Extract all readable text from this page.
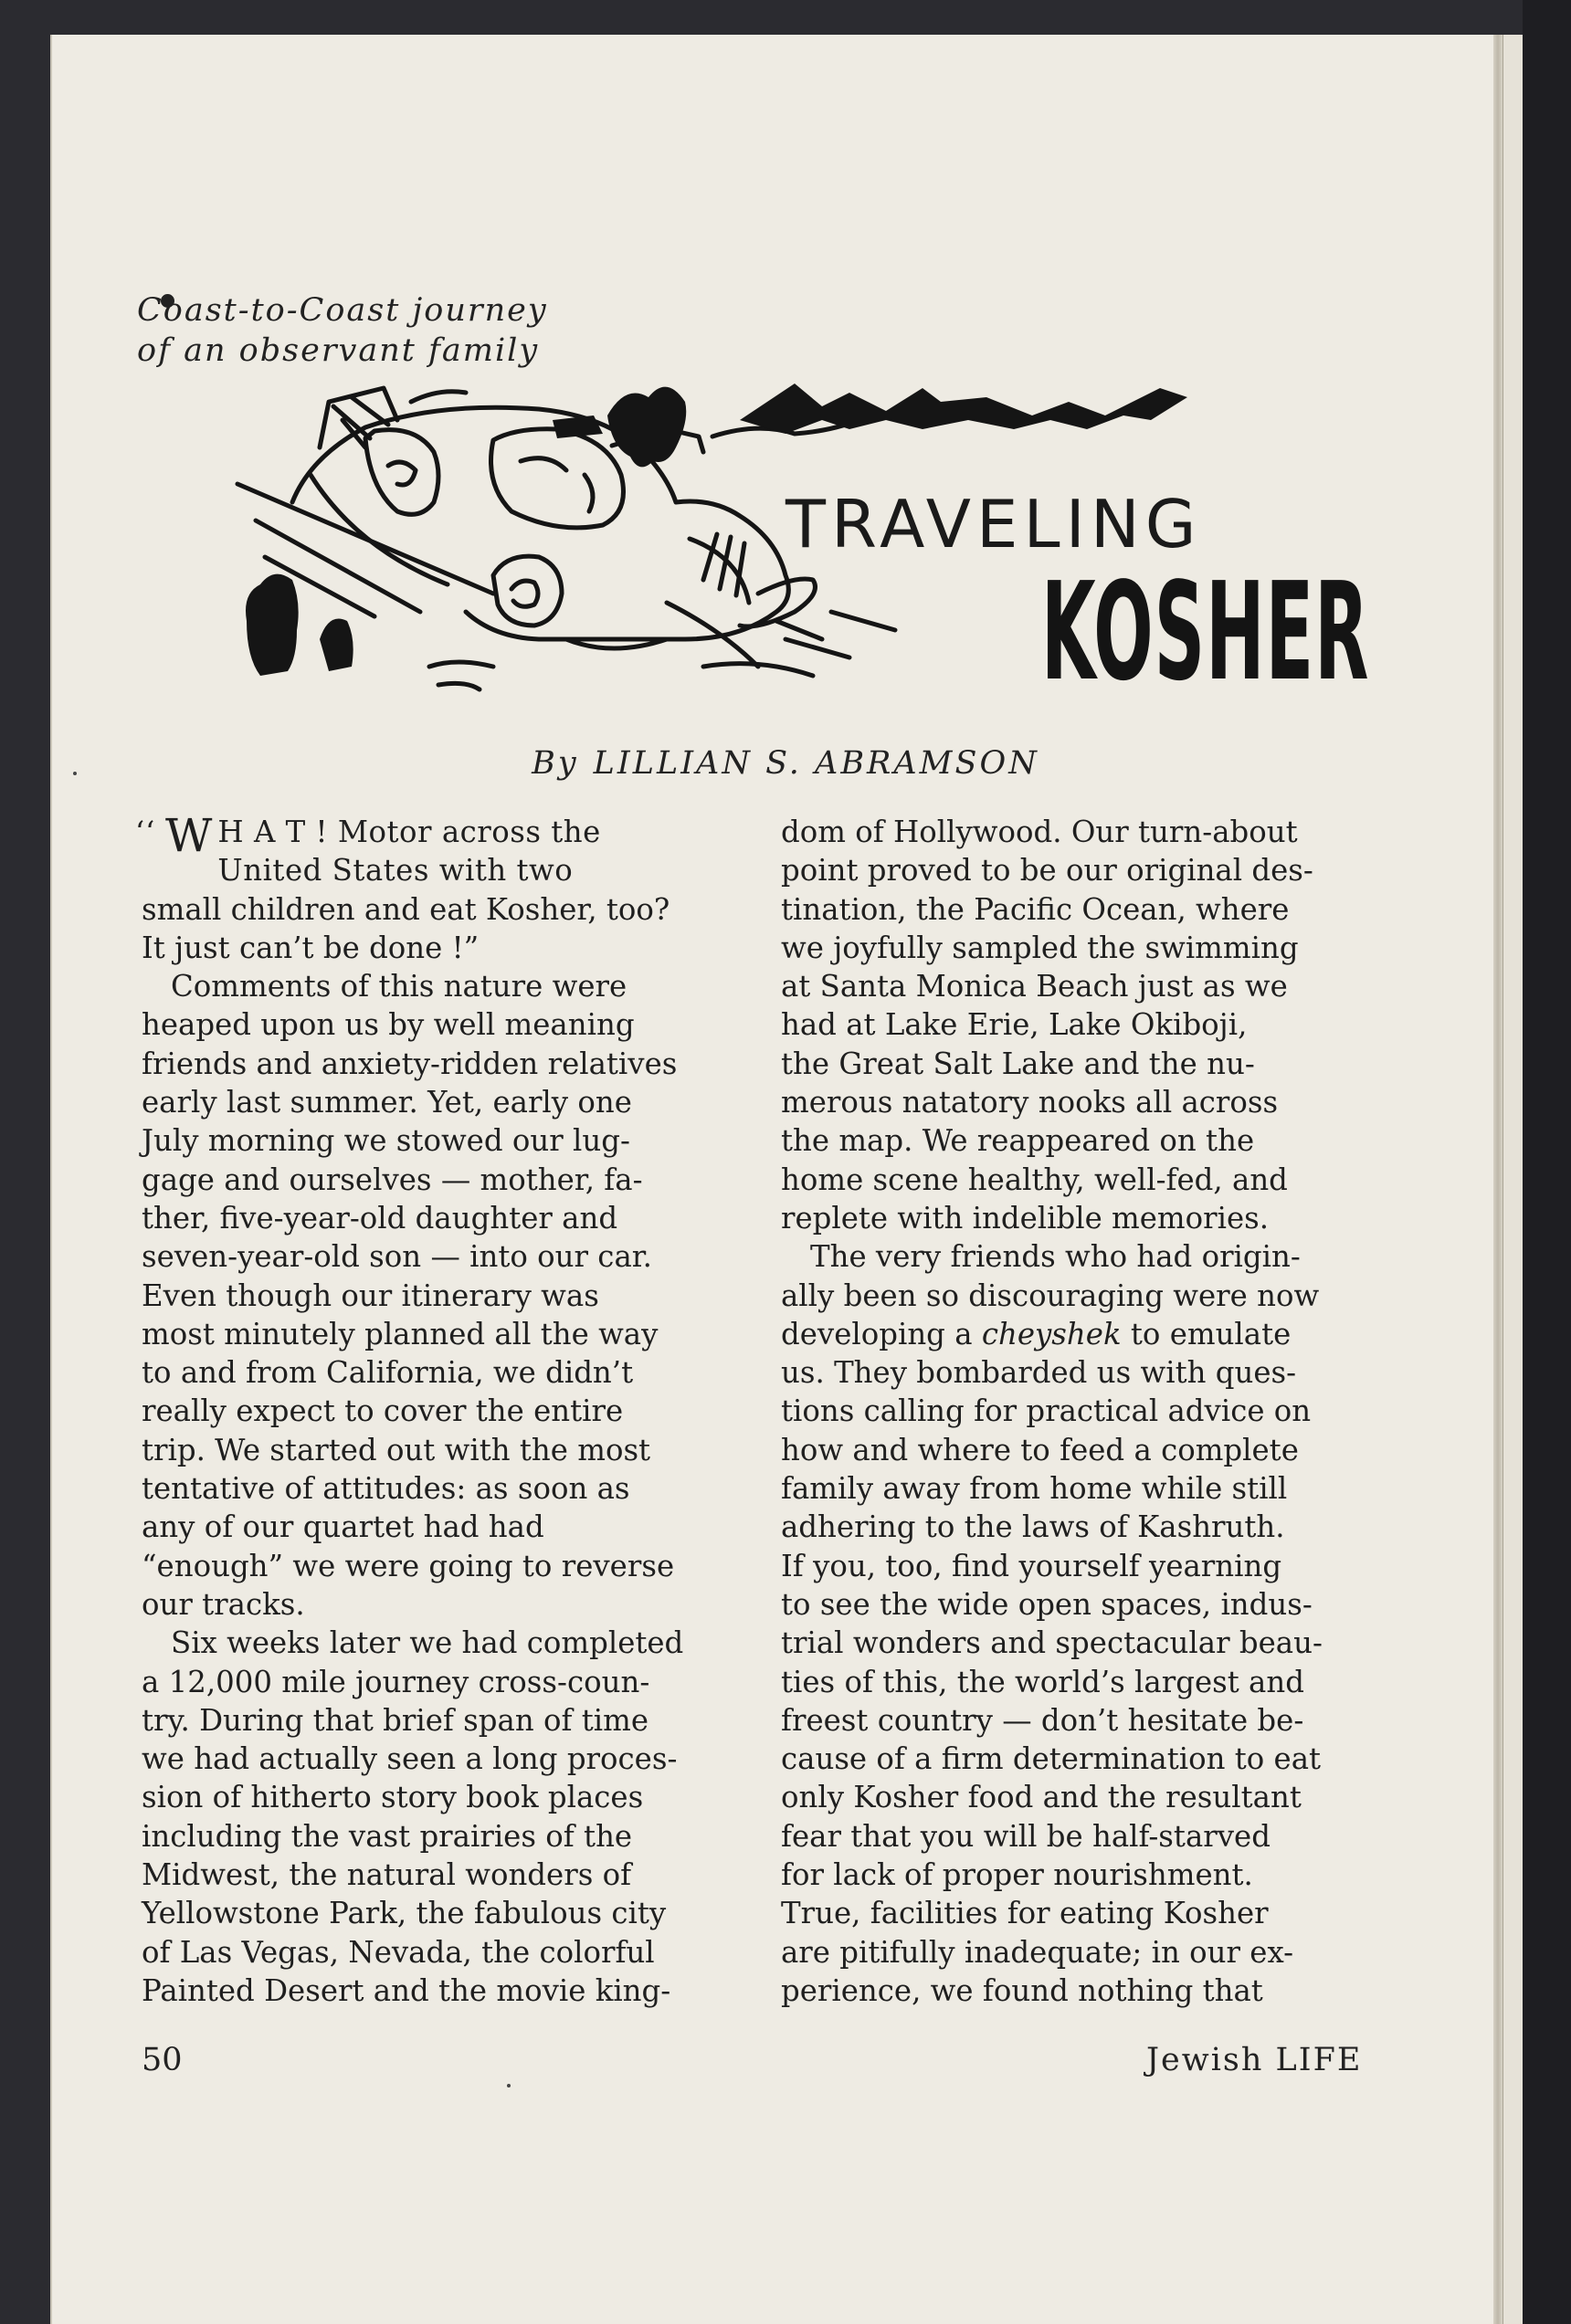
Coast-to-Coast journey
of an observant family

TRAVELING
KOSHER
By LILLIAN S. ABRAMSON
‘‘ W H A T ! Motor across the
United States with two

small children and eat Kosher, too?
It just can’t be done !”
Comments of this nature were
heaped upon us by well meaning
friends and anxiety-ridden relatives
early last summer. Yet, early one
July morning we stowed our lug-
gage and ourselves — mother, fa-
ther, five-year-old daughter and
seven-year-old son — into our car.
Even though our itinerary was
most minutely planned all the way
to and from California, we didn’t
really expect to cover the entire
trip. We started out with the most
tentative of attitudes: as soon as
any of our quartet had had
“enough” we were going to reverse
our tracks.
Six weeks later we had completed
a 12,000 mile journey cross-coun-
try. During that brief span of time
we had actually seen a long proces-
sion of hitherto story book places
including the vast prairies of the
Midwest, the natural wonders of
Yellowstone Park, the fabulous city
of Las Vegas, Nevada, the colorful
Painted Desert and the movie king-

dom of Hollywood. Our turn-about
point proved to be our original des-
tination, the Pacific Ocean, where
we joyfully sampled the swimming
at Santa Monica Beach just as we
had at Lake Erie, Lake Okiboji,
the Great Salt Lake and the nu-
merous natatory nooks all across
the map. We reappeared on the
home scene healthy, well-fed, and
replete with indelible memories.
The very friends who had origin-
ally been so discouraging were now
developing a cheyshek to emulate
us. They bombarded us with ques-
tions calling for practical advice on
how and where to feed a complete
family away from home while still
adhering to the laws of Kashruth.
If you, too, find yourself yearning
to see the wide open spaces, indus-
trial wonders and spectacular beau-
ties of this, the world’s largest and
freest country — don’t hesitate be-
cause of a firm determination to eat
only Kosher food and the resultant
fear that you will be half-starved
for lack of proper nourishment.
True, facilities for eating Kosher
are pitifully inadequate; in our ex-
perience, we found nothing that

50	Jewish LIFE
